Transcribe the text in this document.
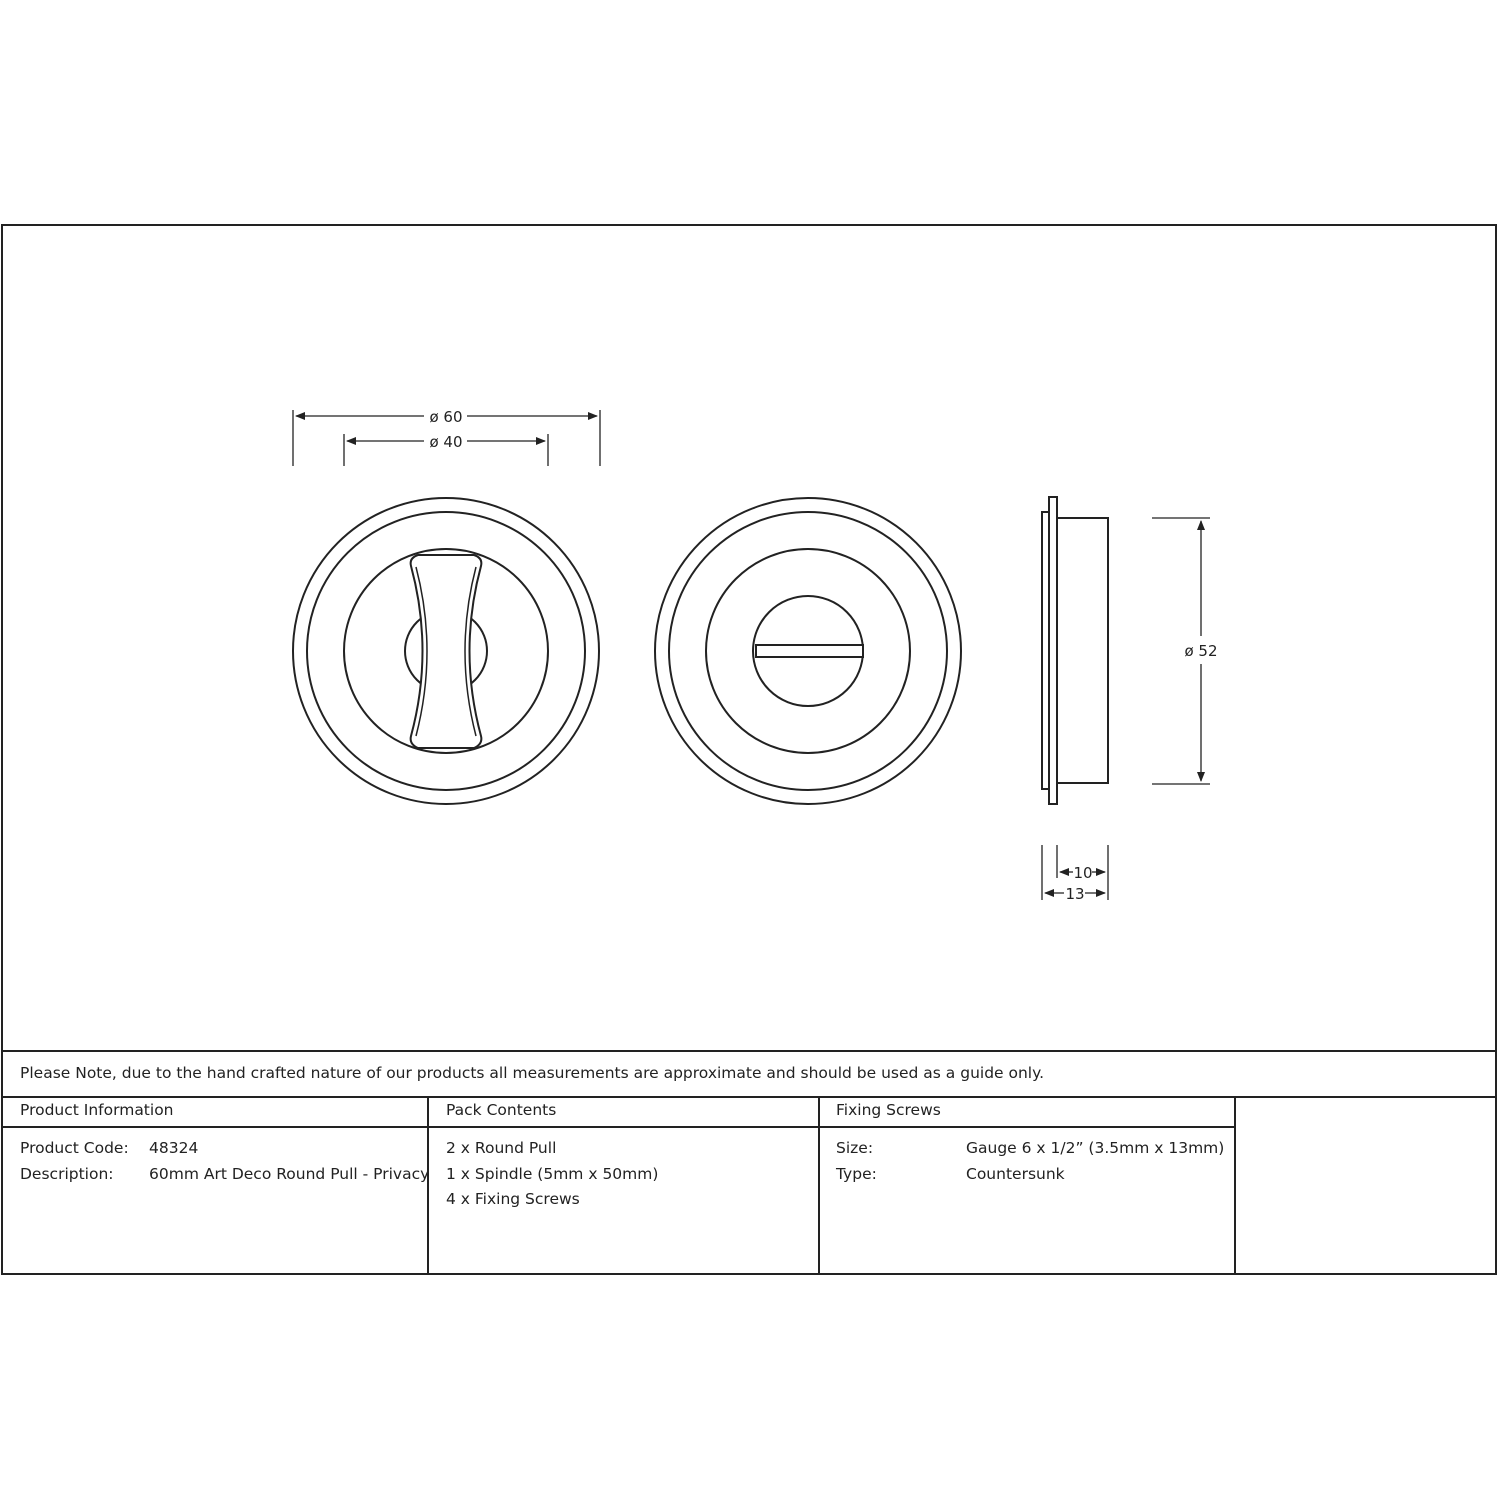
ø 60
ø 40
ø 52
10
13
Please Note, due to the hand crafted nature of our products all measurements are approximate and should be used as a guide only.
Product Information
Product Code: 48324
Description: 60mm Art Deco Round Pull - Privacy
Pack Contents
2 x Round Pull
1 x Spindle (5mm x 50mm)
4 x Fixing Screws
Fixing Screws
Size:	Gauge 6 x 1/2” (3.5mm x 13mm)
Type:	Countersunk
